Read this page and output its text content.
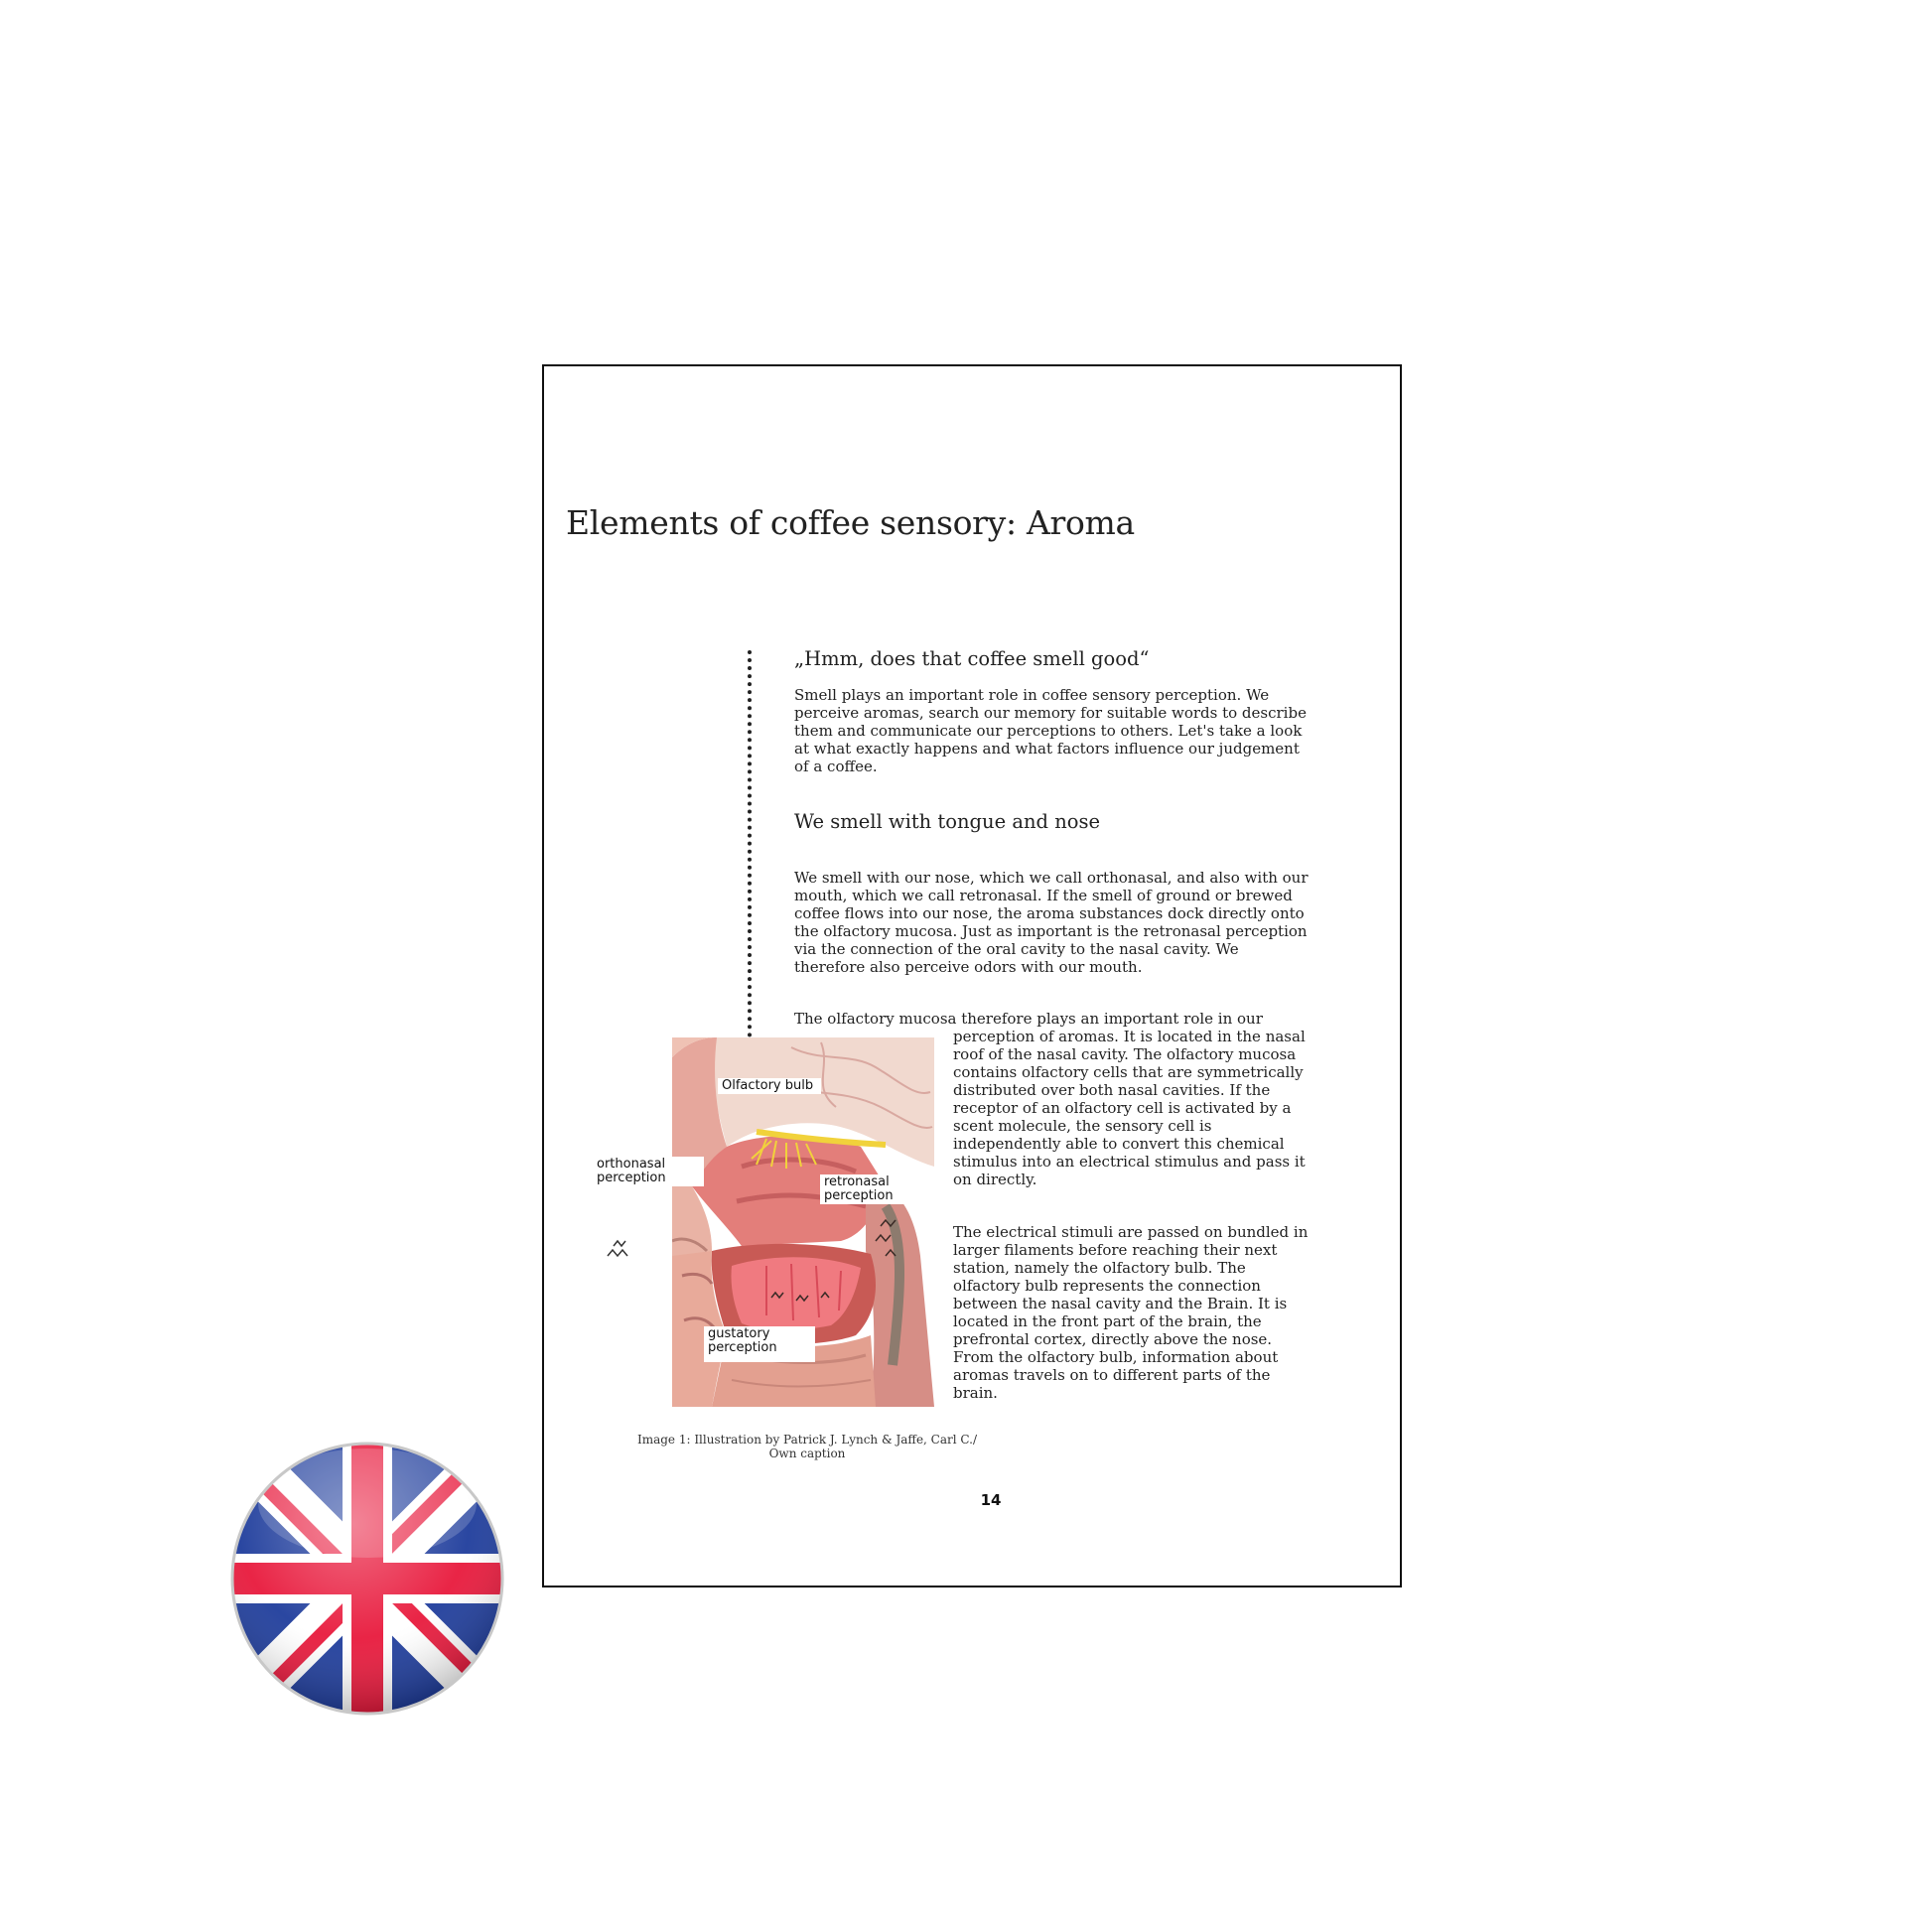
Elements of coffee sensory: Aroma
„Hmm, does that coffee smell good“

Smell plays an important role in coffee sensory perception. We perceive aromas, search our memory for suitable words to describe them and communicate our perceptions to others. Let's take a look at what exactly happens and what factors influence our judgement of a coffee.

We smell with tongue and nose

We smell with our nose, which we call orthonasal, and also with our mouth, which we call retronasal. If the smell of ground or brewed coffee flows into our nose, the aroma substances dock directly onto the olfactory mucosa. Just as important is the retronasal perception via the connection of the oral cavity to the nasal cavity. We therefore also perceive odors with our mouth.

The olfactory mucosa therefore plays an important role in our

perception of aromas. It is located in the nasal roof of the nasal cavity. The olfactory mucosa contains olfactory cells that are symmetrically distributed over both nasal cavities. If the receptor of an olfactory cell is activated by a scent molecule, the sensory cell is independently able to convert this chemical stimulus into an electrical stimulus and pass it on directly.

The electrical stimuli are passed on bundled in larger filaments before reaching their next station, namely the olfactory bulb. The olfactory bulb represents the connection between the nasal cavity and the Brain. It is located in the front part of the brain, the prefrontal cortex, directly above the nose. From the olfactory bulb, information about aromas travels on to different parts of the brain.

Olfactory bulb
retronasal perception
gustatory perception
orthonasal perception

Image 1: Illustration by Patrick J. Lynch & Jaffe, Carl C./ Own caption

14
